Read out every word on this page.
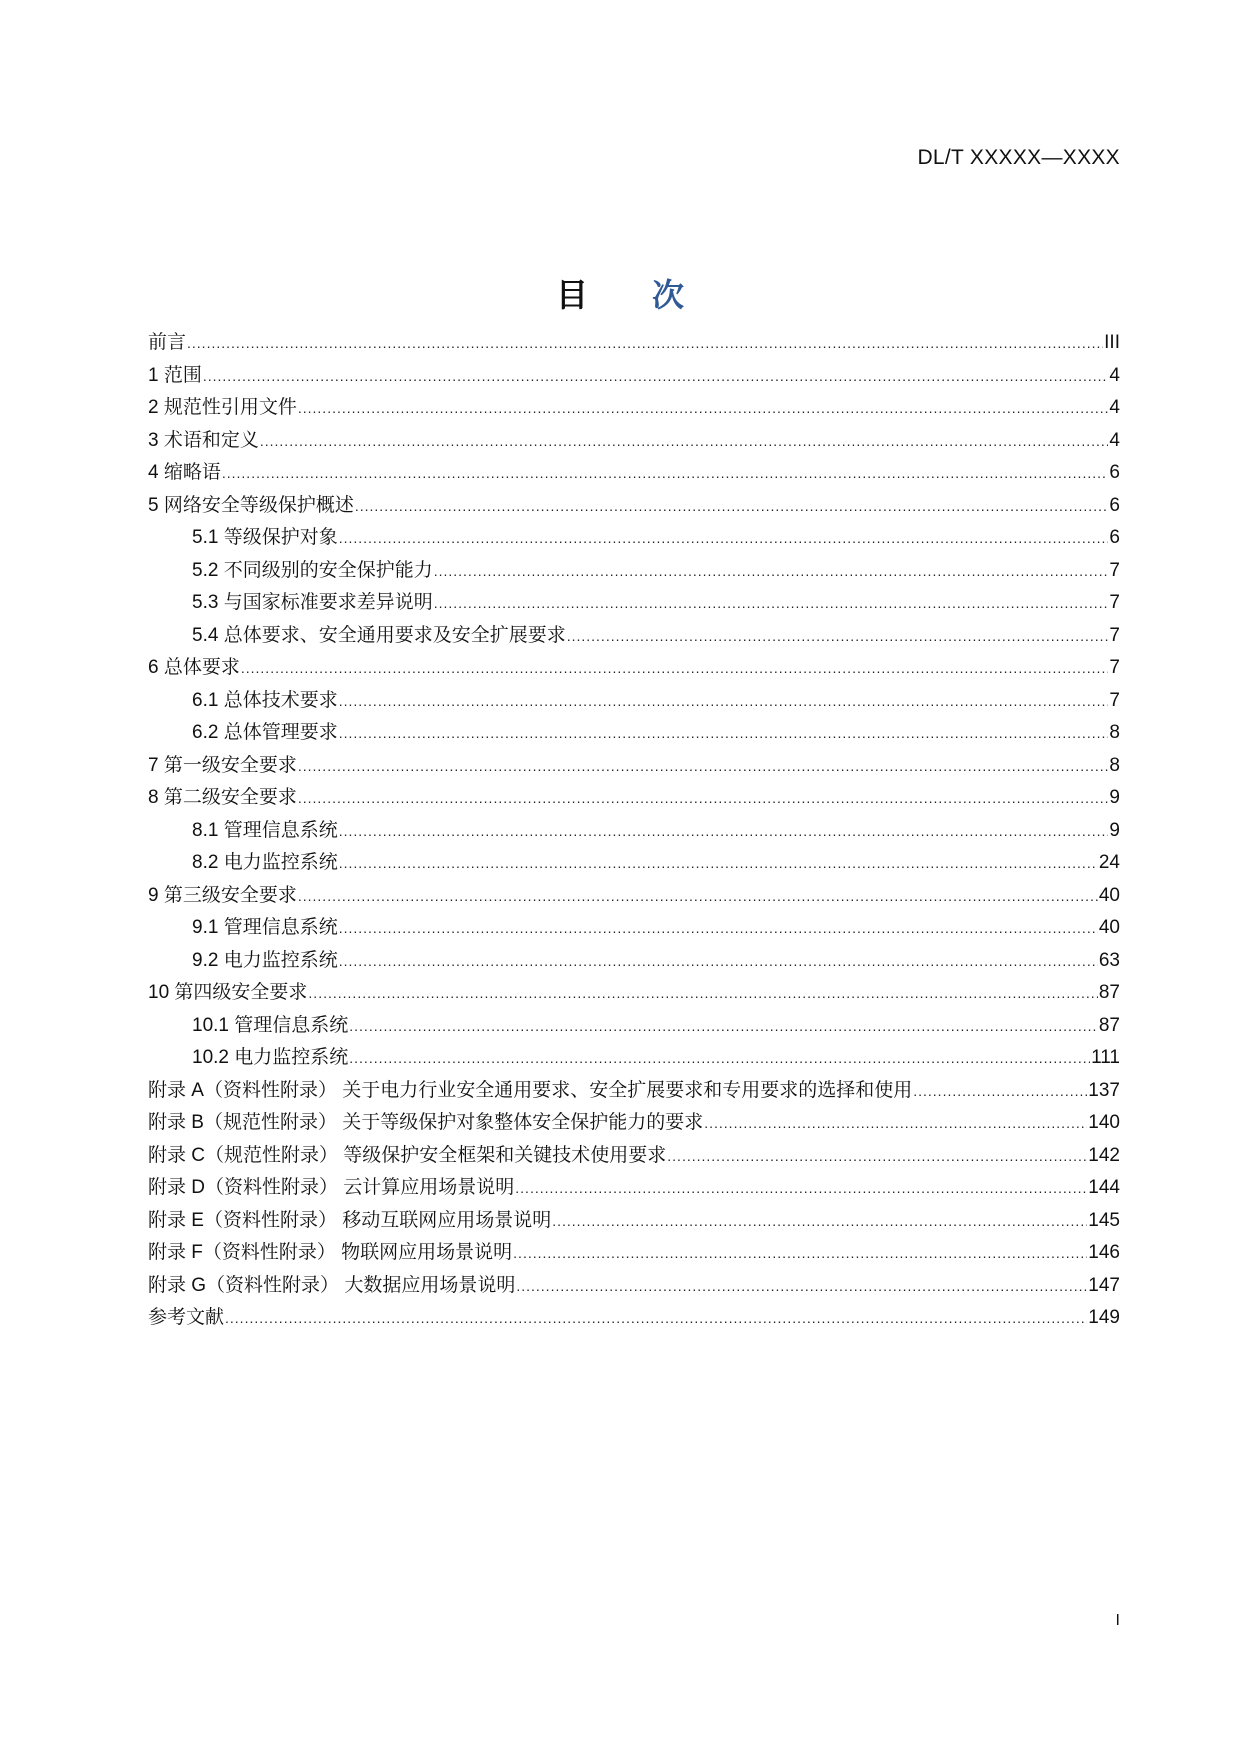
DL/T XXXXX—XXXX
目 次
前言 .....	III
1 范围 .....	4
2 规范性引用文件 .....	4
3 术语和定义 .....	4
4 缩略语 .....	6
5 网络安全等级保护概述 .....	6
5.1 等级保护对象 .....	6
5.2 不同级别的安全保护能力 .....	7
5.3 与国家标准要求差异说明 .....	7
5.4 总体要求、安全通用要求及安全扩展要求 .....	7
6 总体要求 .....	7
6.1 总体技术要求 .....	7
6.2 总体管理要求 .....	8
7 第一级安全要求 .....	8
8 第二级安全要求 .....	9
8.1 管理信息系统 .....	9
8.2 电力监控系统 .....	24
9 第三级安全要求 .....	40
9.1 管理信息系统 .....	40
9.2 电力监控系统 .....	63
10 第四级安全要求 .....	87
10.1 管理信息系统 .....	87
10.2 电力监控系统 .....	111
附录 A（资料性附录） 关于电力行业安全通用要求、安全扩展要求和专用要求的选择和使用 .....	137
附录 B（规范性附录） 关于等级保护对象整体安全保护能力的要求 .....	140
附录 C（规范性附录） 等级保护安全框架和关键技术使用要求 .....	142
附录 D（资料性附录） 云计算应用场景说明 .....	144
附录 E（资料性附录） 移动互联网应用场景说明 .....	145
附录 F（资料性附录） 物联网应用场景说明 .....	146
附录 G（资料性附录） 大数据应用场景说明 .....	147
参考文献 .....	149
I
